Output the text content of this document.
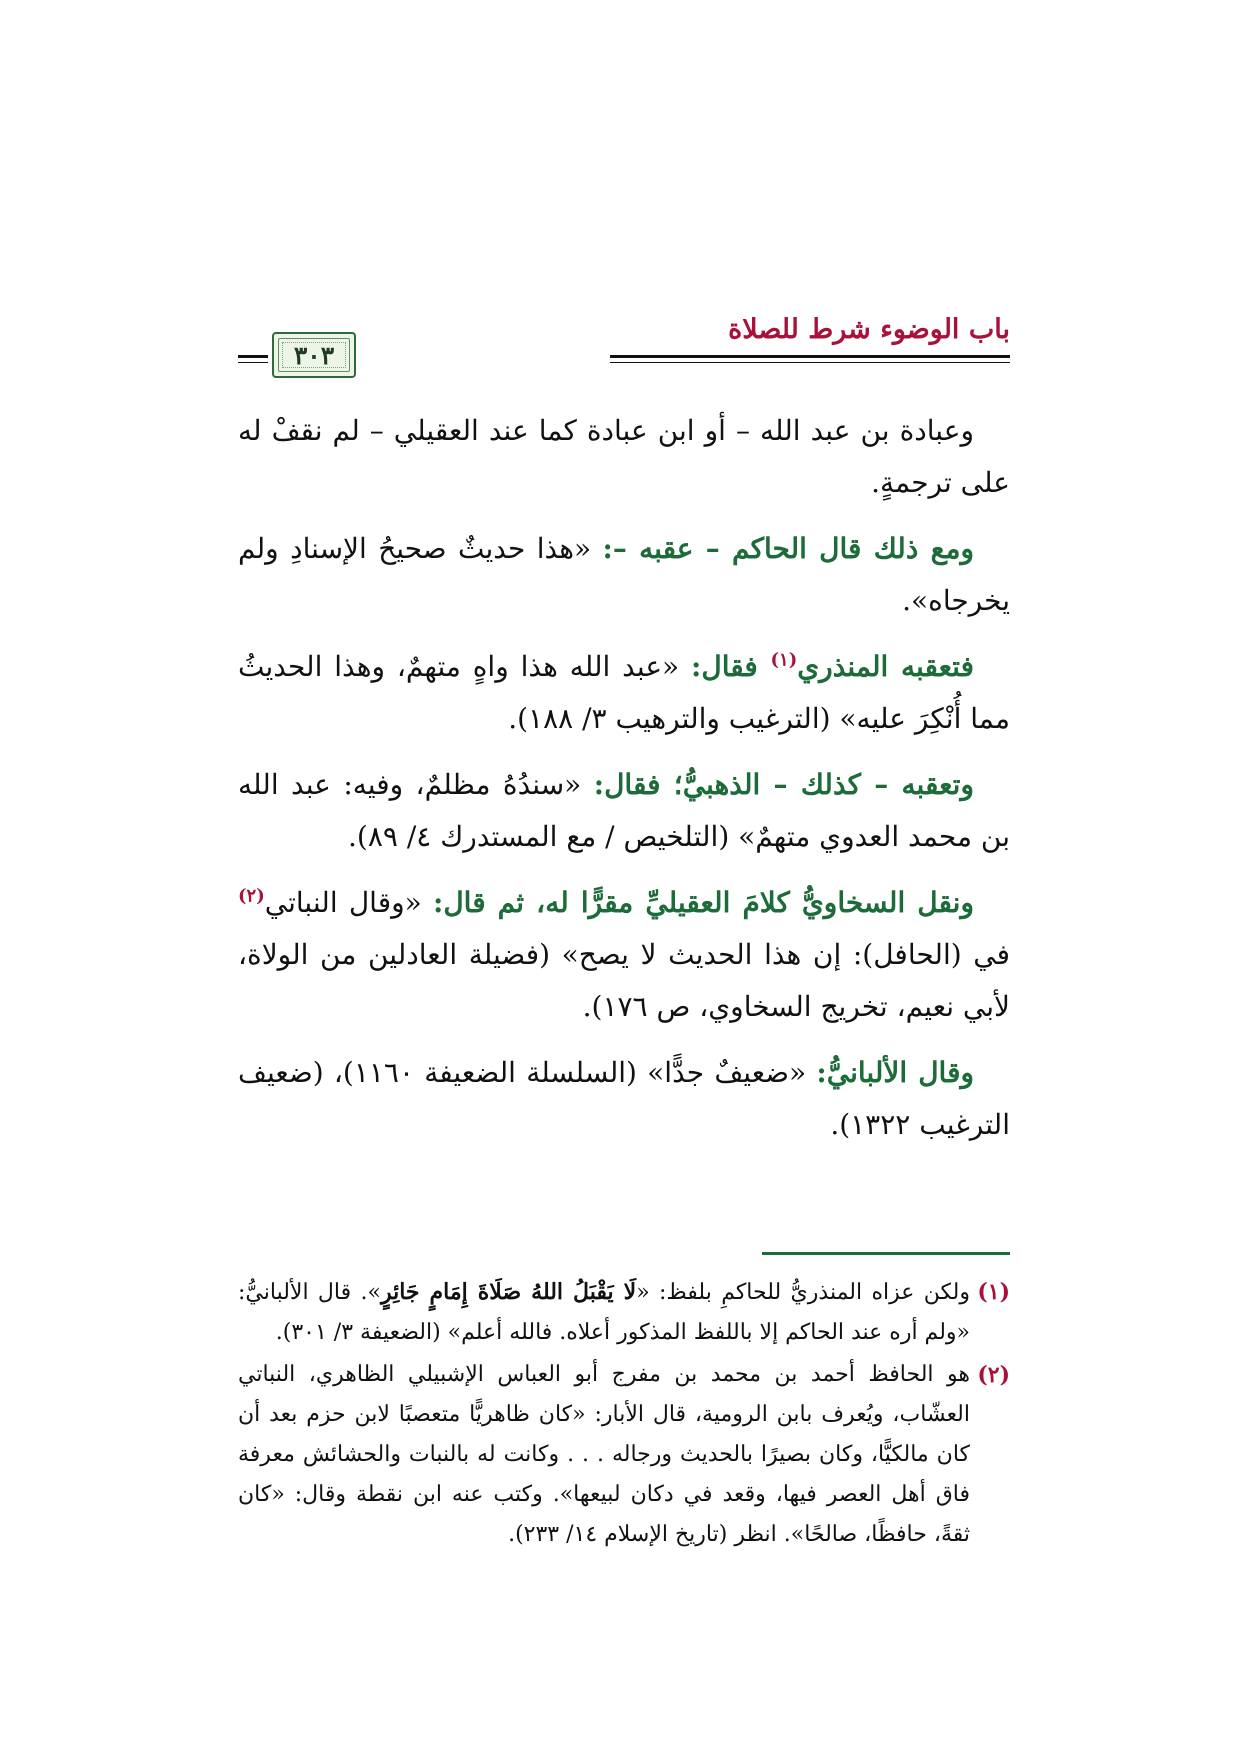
باب الوضوء شرط للصلاة
٣٠٣

وعبادة بن عبد الله – أو ابن عبادة كما عند العقيلي – لم نقفْ له على ترجمةٍ.

ومع ذلك قال الحاكم – عقبه –: «هذا حديثٌ صحيحُ الإسنادِ ولم يخرجاه».

فتعقبه المنذري$^{(١)}$ فقال: «عبد الله هذا واهٍ متهمٌ، وهذا الحديثُ مما أُنْكِرَ عليه» (الترغيب والترهيب ٣/ ١٨٨).

وتعقبه – كذلك – الذهبيُّ؛ فقال: «سندُهُ مظلمٌ، وفيه: عبد الله بن محمد العدوي متهمٌ» (التلخيص / مع المستدرك ٤/ ٨٩).

ونقل السخاويُّ كلامَ العقيليِّ مقرًّا له، ثم قال: «وقال النباتي$^{(٢)}$ في (الحافل): إن هذا الحديث لا يصح» (فضيلة العادلين من الولاة، لأبي نعيم، تخريج السخاوي، ص ١٧٦).

وقال الألبانيُّ: «ضعيفٌ جدًّا» (السلسلة الضعيفة ١١٦٠)، (ضعيف الترغيب ١٣٢٢).

(١)
ولكن عزاه المنذريُّ للحاكمِ بلفظ: «لَا يَقْبَلُ اللهُ صَلَاةَ إِمَامٍ جَائِرٍ». قال الألبانيُّ: «ولم أره عند الحاكم إلا باللفظ المذكور أعلاه. فالله أعلم» (الضعيفة ٣/ ٣٠١).
(٢)
هو الحافظ أحمد بن محمد بن مفرج أبو العباس الإشبيلي الظاهري، النباتي العشّاب، ويُعرف بابن الرومية، قال الأبار: «كان ظاهريًّا متعصبًا لابن حزم بعد أن كان مالكيًّا، وكان بصيرًا بالحديث ورجاله . . . وكانت له بالنبات والحشائش معرفة فاق أهل العصر فيها، وقعد في دكان لبيعها». وكتب عنه ابن نقطة وقال: «كان ثقةً، حافظًا، صالحًا». انظر (تاريخ الإسلام ١٤/ ٢٣٣).
